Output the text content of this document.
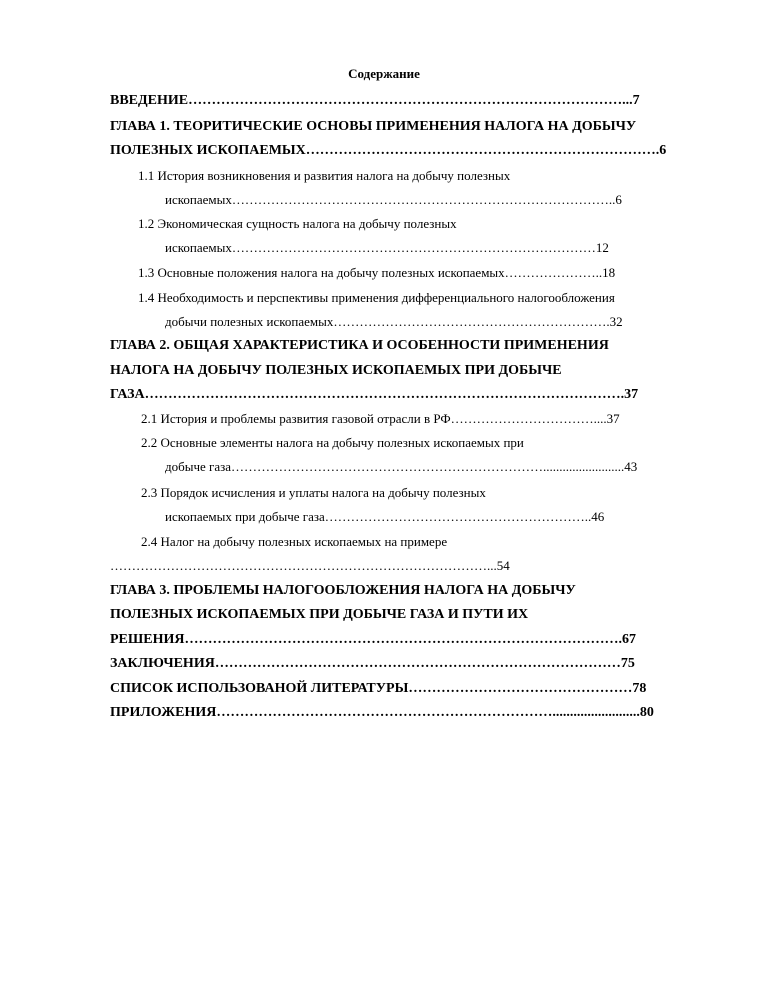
Содержание
ВВЕДЕНИЕ…………………………………………………………………………………...7
ГЛАВА 1. ТЕОРИТИЧЕСКИЕ ОСНОВЫ ПРИМЕНЕНИЯ НАЛОГА НА ДОБЫЧУ
ПОЛЕЗНЫХ ИСКОПАЕМЫХ………………………………………………………………….6
1.1 История возникновения и развития налога на добычу полезных
ископаемых……………………………………………………………………………..6
1.2 Экономическая сущность налога на добычу полезных
ископаемых…………………………………………………………………………12
1.3 Основные положения налога на добычу полезных ископаемых…………………..18
1.4 Необходимость и перспективы применения дифференциального налогообложения
добычи полезных ископаемых……………………………………………………….32
ГЛАВА 2. ОБЩАЯ ХАРАКТЕРИСТИКА И ОСОБЕННОСТИ ПРИМЕНЕНИЯ
НАЛОГА НА ДОБЫЧУ ПОЛЕЗНЫХ ИСКОПАЕМЫХ ПРИ ДОБЫЧЕ
ГАЗА………………………………………………………………………………………….37
2.1 История и проблемы развития газовой отрасли в РФ……………………………....37
2.2 Основные элементы налога на добычу полезных ископаемых при
добыче газа……………………………………………………………….........................43
2.3 Порядок исчисления и уплаты налога на добычу полезных
ископаемых при добыче газа……………………………………………………..46
2.4 Налог на добычу полезных ископаемых на примере
……………………………………………………………………………...54
ГЛАВА 3. ПРОБЛЕМЫ НАЛОГООБЛОЖЕНИЯ НАЛОГА НА ДОБЫЧУ
ПОЛЕЗНЫХ ИСКОПАЕМЫХ ПРИ ДОБЫЧЕ ГАЗА И ПУТИ ИХ
РЕШЕНИЯ………………………………………………………………………………….67
ЗАКЛЮЧЕНИЯ……………………………………………………………………………75
СПИСОК ИСПОЛЬЗОВАНОЙ ЛИТЕРАТУРЫ…………………………………………78
ПРИЛОЖЕНИЯ……………………………………………………………….........................80
